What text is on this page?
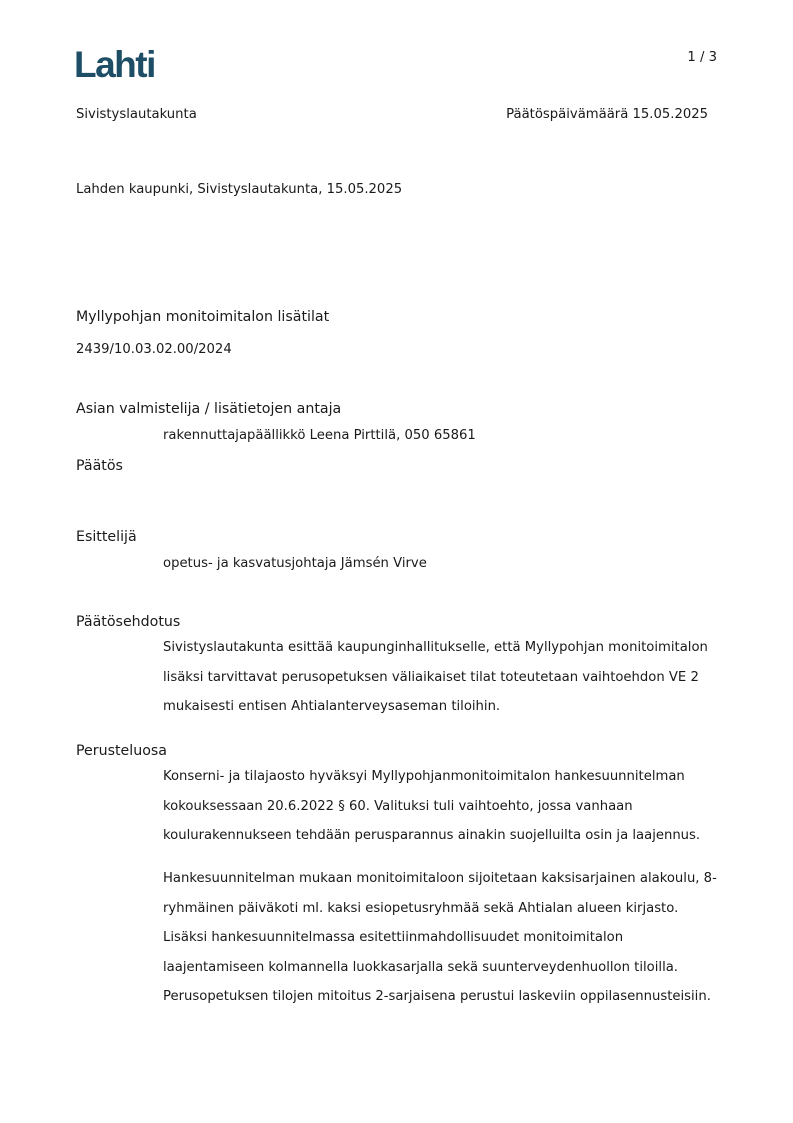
Lahti	1 / 3
Sivistyslautakunta	Päätöspäivämäärä 15.05.2025
Lahden kaupunki, Sivistyslautakunta, 15.05.2025
Myllypohjan monitoimitalon lisätilat
2439/10.03.02.00/2024
Asian valmistelija / lisätietojen antaja
rakennuttajapäällikkö Leena Pirttilä, 050 65861
Päätös
Esittelijä
opetus- ja kasvatusjohtaja Jämsén Virve
Päätösehdotus
Sivistyslautakunta esittää kaupunginhallitukselle, että Myllypohjan monitoimitalon
lisäksi tarvittavat perusopetuksen väliaikaiset tilat toteutetaan vaihtoehdon VE 2
mukaisesti entisen Ahtialanterveysaseman tiloihin.
Perusteluosa
Konserni- ja tilajaosto hyväksyi Myllypohjanmonitoimitalon hankesuunnitelman
kokouksessaan 20.6.2022 § 60. Valituksi tuli vaihtoehto, jossa vanhaan
koulurakennukseen tehdään perusparannus ainakin suojelluilta osin ja laajennus.
Hankesuunnitelman mukaan monitoimitaloon sijoitetaan kaksisarjainen alakoulu, 8-
ryhmäinen päiväkoti ml. kaksi esiopetusryhmää sekä Ahtialan alueen kirjasto.
Lisäksi hankesuunnitelmassa esitettiinmahdollisuudet monitoimitalon
laajentamiseen kolmannella luokkasarjalla sekä suunterveydenhuollon tiloilla.
Perusopetuksen tilojen mitoitus 2-sarjaisena perustui laskeviin oppilasennusteisiin.
